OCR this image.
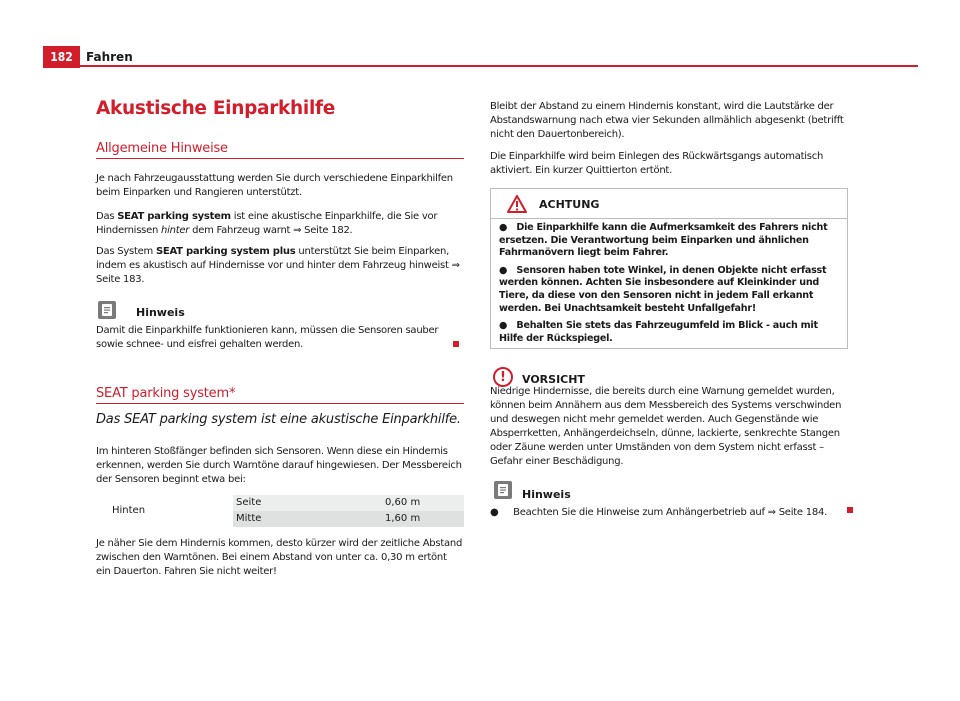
182	Fahren
Akustische Einparkhilfe
Allgemeine Hinweise
Je nach Fahrzeugausstattung werden Sie durch verschiedene Einparkhilfen beim Einparken und Rangieren unterstützt.
Das SEAT parking system ist eine akustische Einparkhilfe, die Sie vor Hindernissen hinter dem Fahrzeug warnt ⇒ Seite 182.
Das System SEAT parking system plus unterstützt Sie beim Einparken, indem es akustisch auf Hindernisse vor und hinter dem Fahrzeug hinweist ⇒ Seite 183.
Hinweis
Damit die Einparkhilfe funktionieren kann, müssen die Sensoren sauber sowie schnee- und eisfrei gehalten werden.
SEAT parking system*
Das SEAT parking system ist eine akustische Einparkhilfe.
Im hinteren Stoßfänger befinden sich Sensoren. Wenn diese ein Hindernis erkennen, werden Sie durch Warntöne darauf hingewiesen. Der Messbereich der Sensoren beginnt etwa bei:
Hinten
Seite	0,60 m
Mitte	1,60 m
Je näher Sie dem Hindernis kommen, desto kürzer wird der zeitliche Abstand zwischen den Warntönen. Bei einem Abstand von unter ca. 0,30 m ertönt ein Dauerton. Fahren Sie nicht weiter!
Bleibt der Abstand zu einem Hindernis konstant, wird die Lautstärke der Abstandswarnung nach etwa vier Sekunden allmählich abgesenkt (betrifft nicht den Dauertonbereich).
Die Einparkhilfe wird beim Einlegen des Rückwärtsgangs automatisch aktiviert. Ein kurzer Quittierton ertönt.
ACHTUNG

●   Die Einparkhilfe kann die Aufmerksamkeit des Fahrers nicht ersetzen. Die Verantwortung beim Einparken und ähnlichen Fahrmanövern liegt beim Fahrer.

●   Sensoren haben tote Winkel, in denen Objekte nicht erfasst werden können. Achten Sie insbesondere auf Kleinkinder und Tiere, da diese von den Sensoren nicht in jedem Fall erkannt werden. Bei Unachtsamkeit besteht Unfallgefahr!

●   Behalten Sie stets das Fahrzeugumfeld im Blick - auch mit Hilfe der Rückspiegel.

!	VORSICHT
Niedrige Hindernisse, die bereits durch eine Warnung gemeldet wurden, können beim Annähern aus dem Messbereich des Systems verschwinden und deswegen nicht mehr gemeldet werden. Auch Gegenstände wie Absperrketten, Anhängerdeichseln, dünne, lackierte, senkrechte Stangen oder Zäune werden unter Umständen von dem System nicht erfasst – Gefahr einer Beschädigung.
Hinweis
●     Beachten Sie die Hinweise zum Anhängerbetrieb auf ⇒ Seite 184.
